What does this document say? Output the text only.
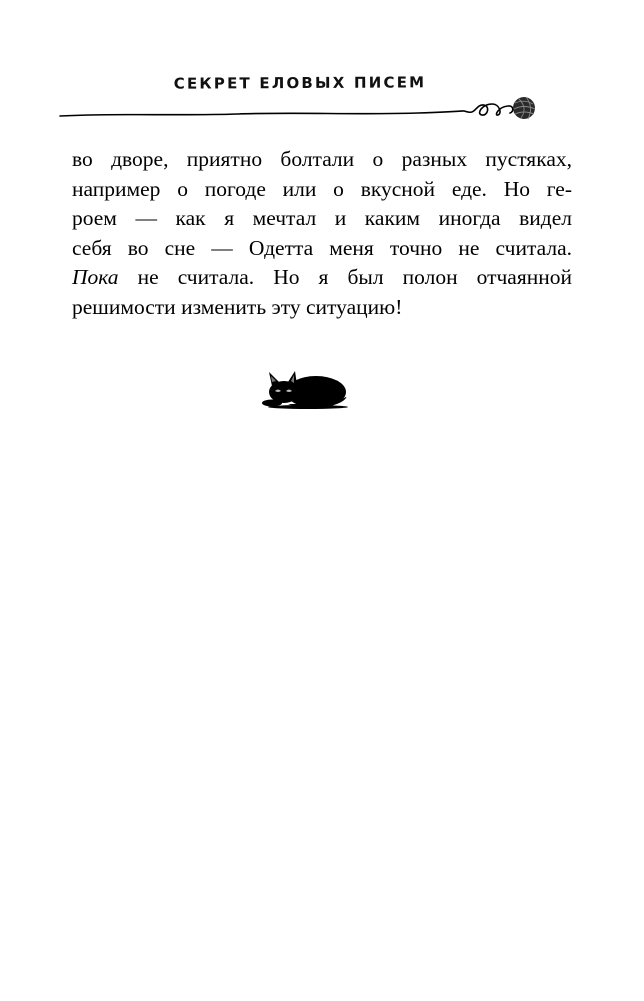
СЕКРЕТ ЕЛОВЫХ ПИСЕМ
во дворе, приятно болтали о разных пустяках,
например о погоде или о вкусной еде. Но ге-
роем — как я мечтал и каким иногда видел
себя во сне — Одетта меня точно не считала.
Пока не считала. Но я был полон отчаянной
решимости изменить эту ситуацию!
